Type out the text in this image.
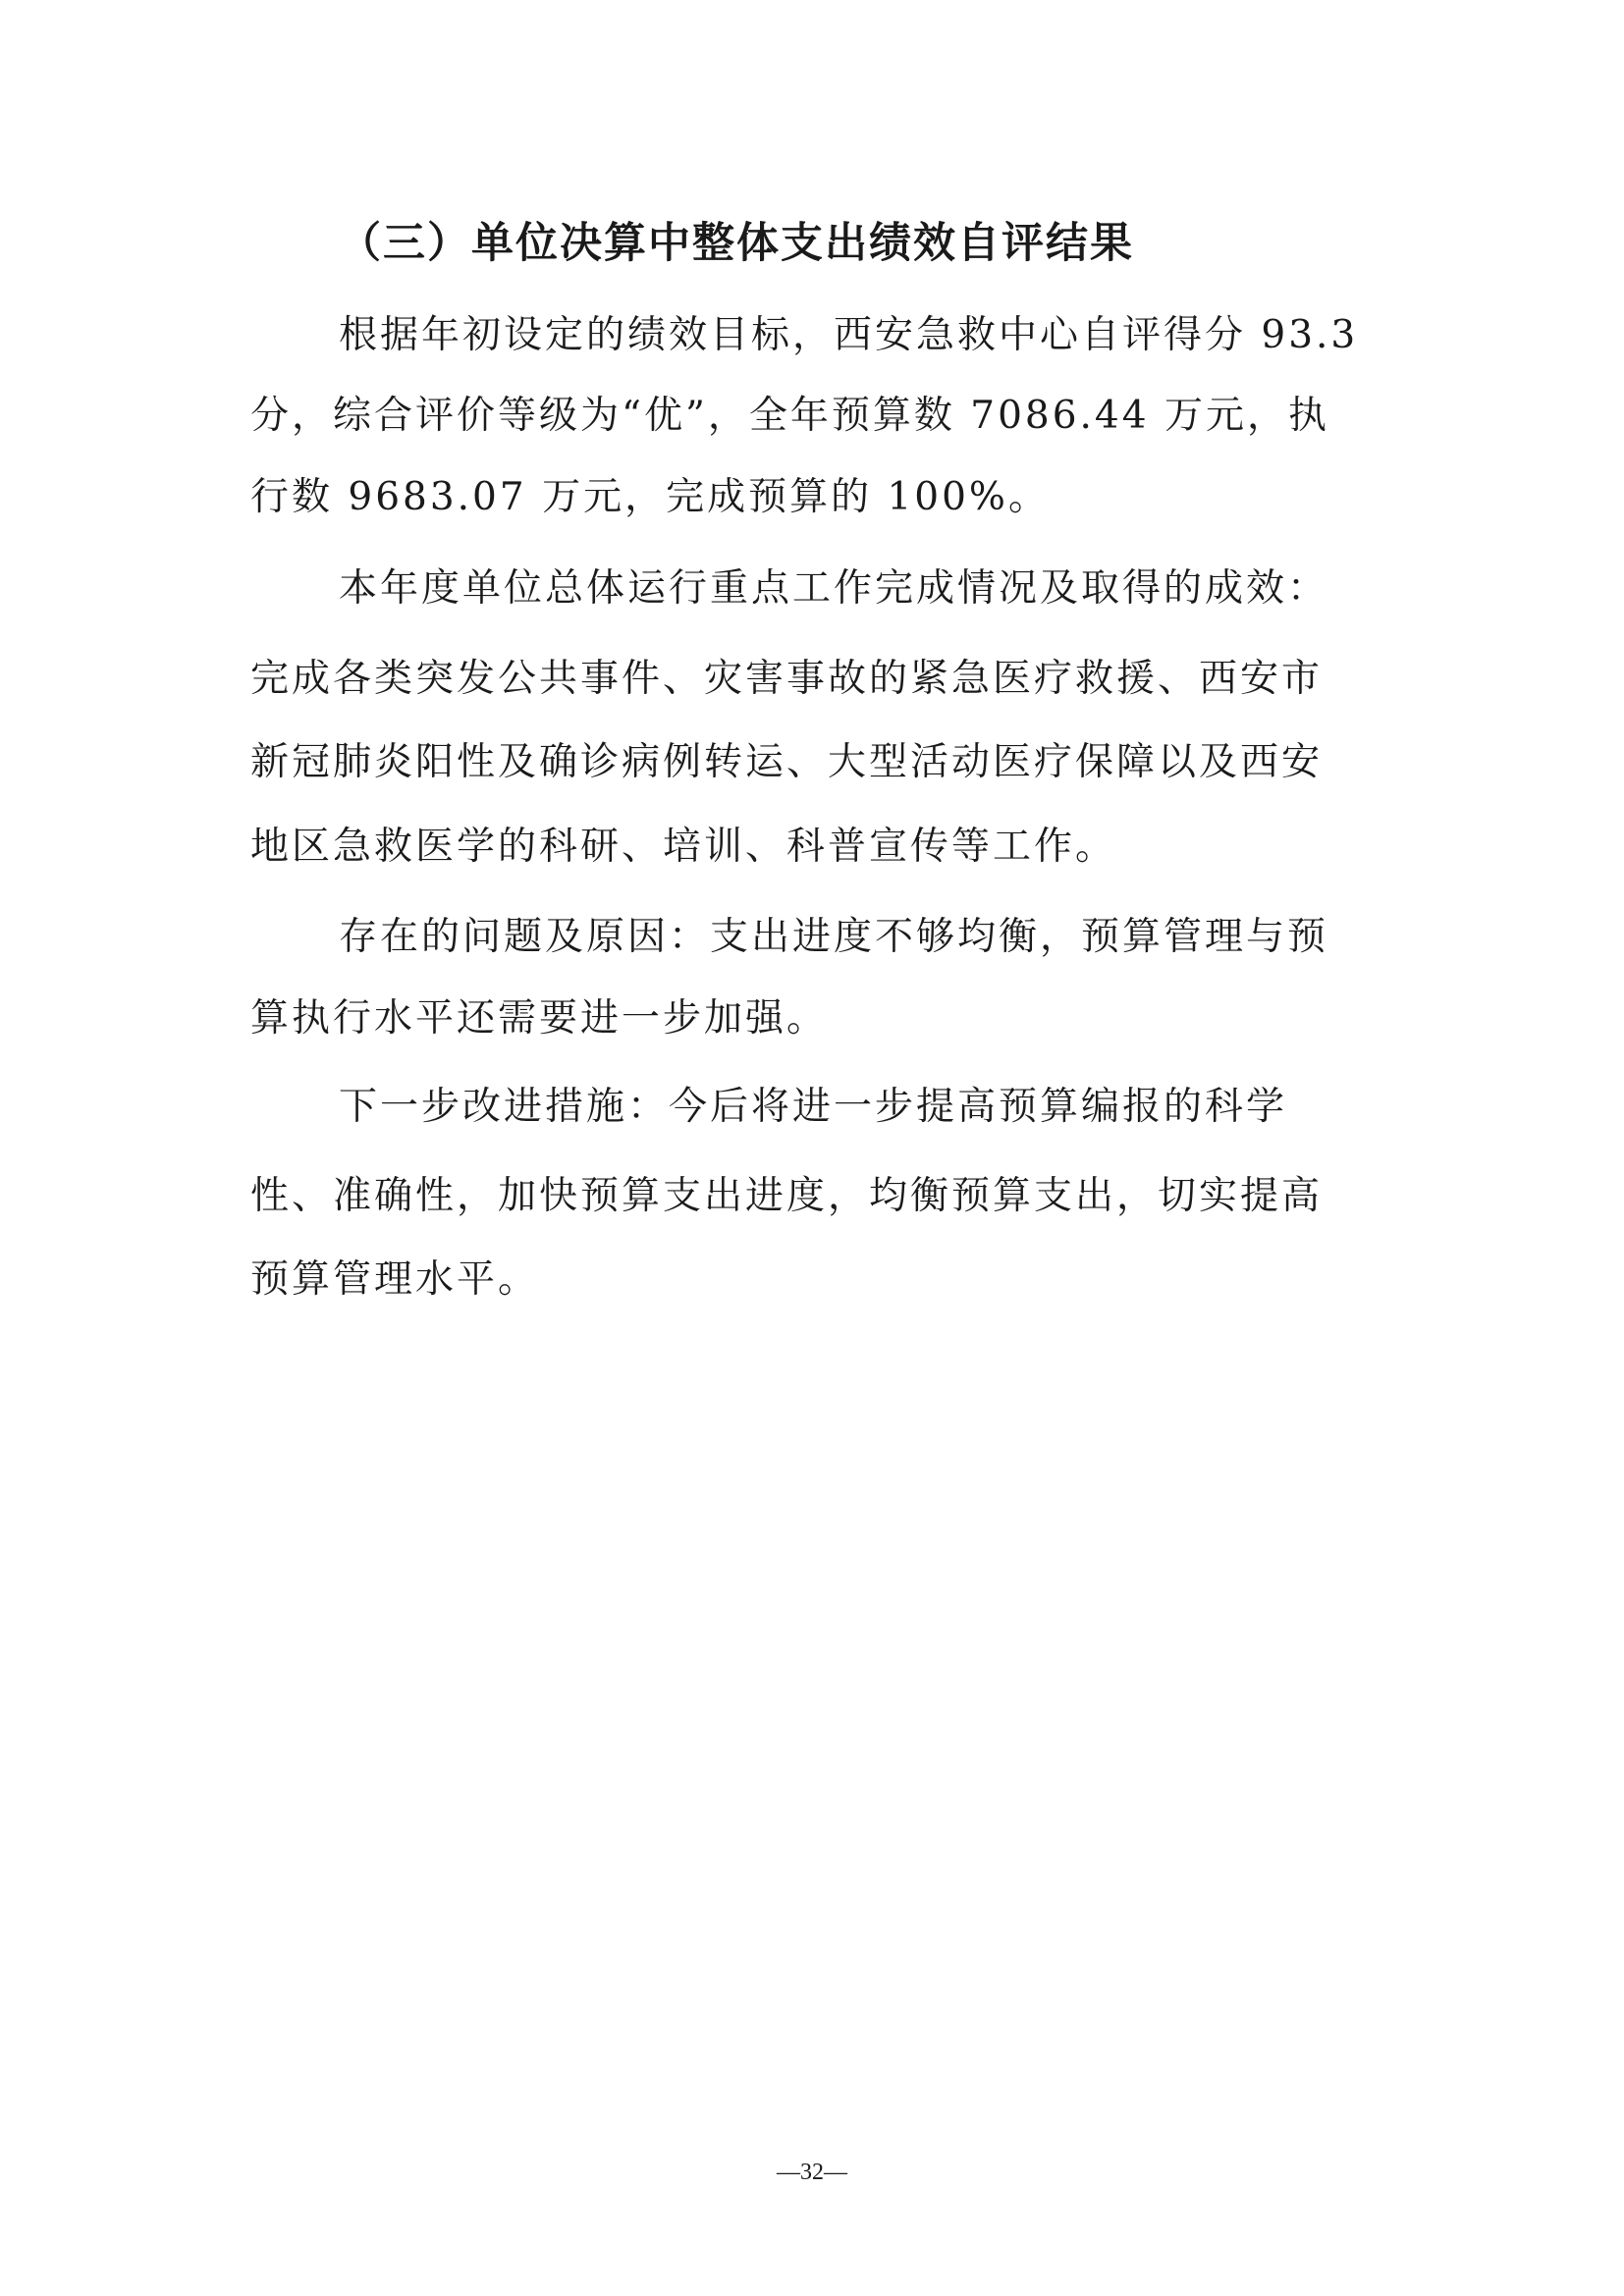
（三）单位决算中整体支出绩效自评结果
根据年初设定的绩效目标，西安急救中心自评得分 93.3
分，综合评价等级为“优”，全年预算数 7086.44 万元，执
行数 9683.07 万元，完成预算的 100%。
本年度单位总体运行重点工作完成情况及取得的成效：
完成各类突发公共事件、灾害事故的紧急医疗救援、西安市
新冠肺炎阳性及确诊病例转运、大型活动医疗保障以及西安
地区急救医学的科研、培训、科普宣传等工作。
存在的问题及原因：支出进度不够均衡，预算管理与预
算执行水平还需要进一步加强。
下一步改进措施：今后将进一步提高预算编报的科学
性、准确性，加快预算支出进度，均衡预算支出，切实提高
预算管理水平。
—32—
